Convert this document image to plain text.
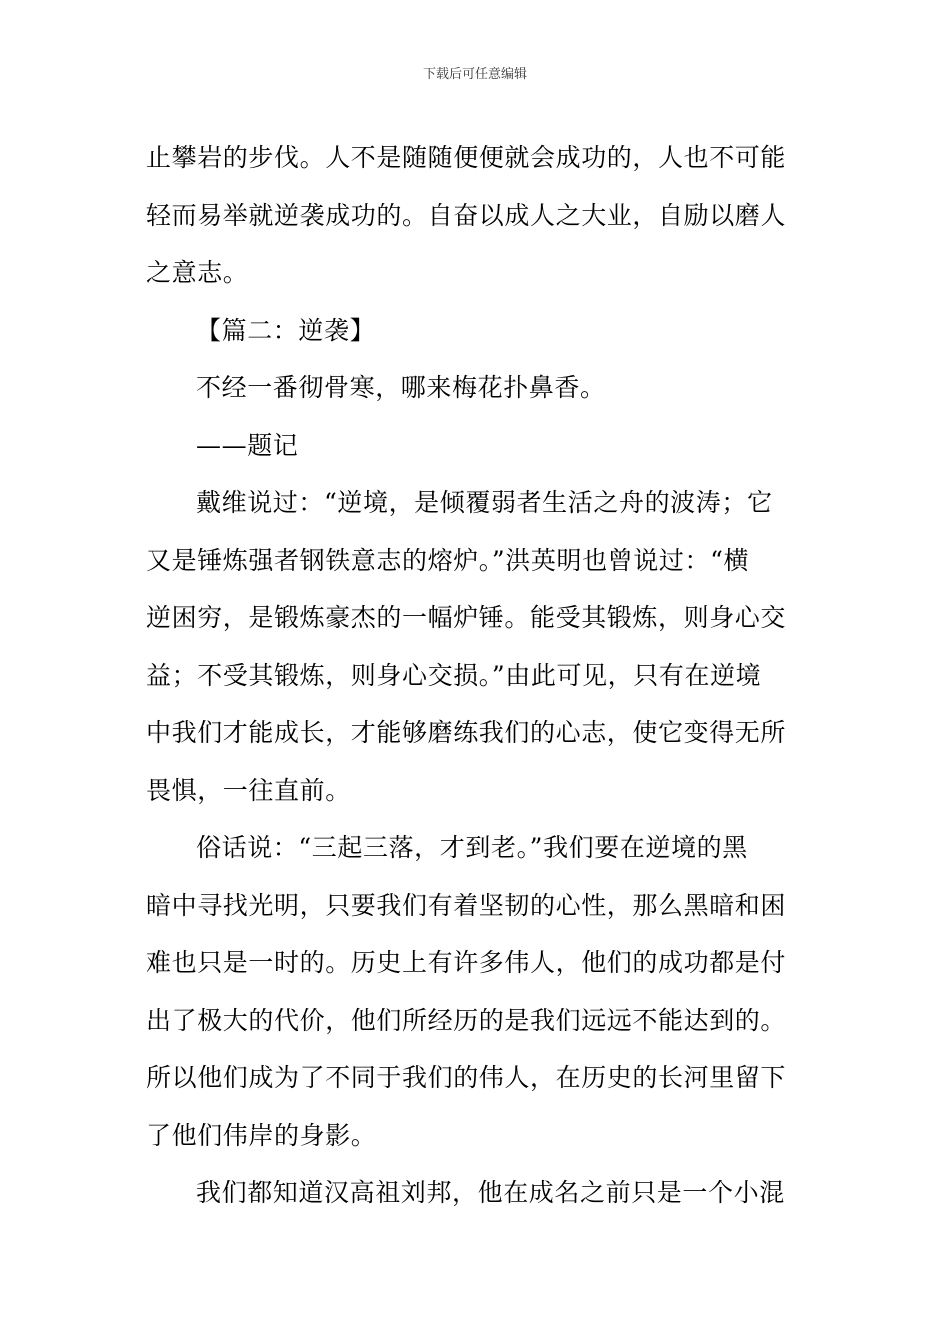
下载后可任意编辑
止攀岩的步伐。人不是随随便便就会成功的，人也不可能
轻而易举就逆袭成功的。自奋以成人之大业，自励以磨人
之意志。
【篇二：逆袭】
不经一番彻骨寒，哪来梅花扑鼻香。
——题记
戴维说过：“逆境，是倾覆弱者生活之舟的波涛；它
又是锤炼强者钢铁意志的熔炉。”洪英明也曾说过：“横
逆困穷，是锻炼豪杰的一幅炉锤。能受其锻炼，则身心交
益；不受其锻炼，则身心交损。”由此可见，只有在逆境
中我们才能成长，才能够磨练我们的心志，使它变得无所
畏惧，一往直前。
俗话说：“三起三落，才到老。”我们要在逆境的黑
暗中寻找光明，只要我们有着坚韧的心性，那么黑暗和困
难也只是一时的。历史上有许多伟人，他们的成功都是付
出了极大的代价，他们所经历的是我们远远不能达到的。
所以他们成为了不同于我们的伟人，在历史的长河里留下
了他们伟岸的身影。
我们都知道汉高祖刘邦，他在成名之前只是一个小混
